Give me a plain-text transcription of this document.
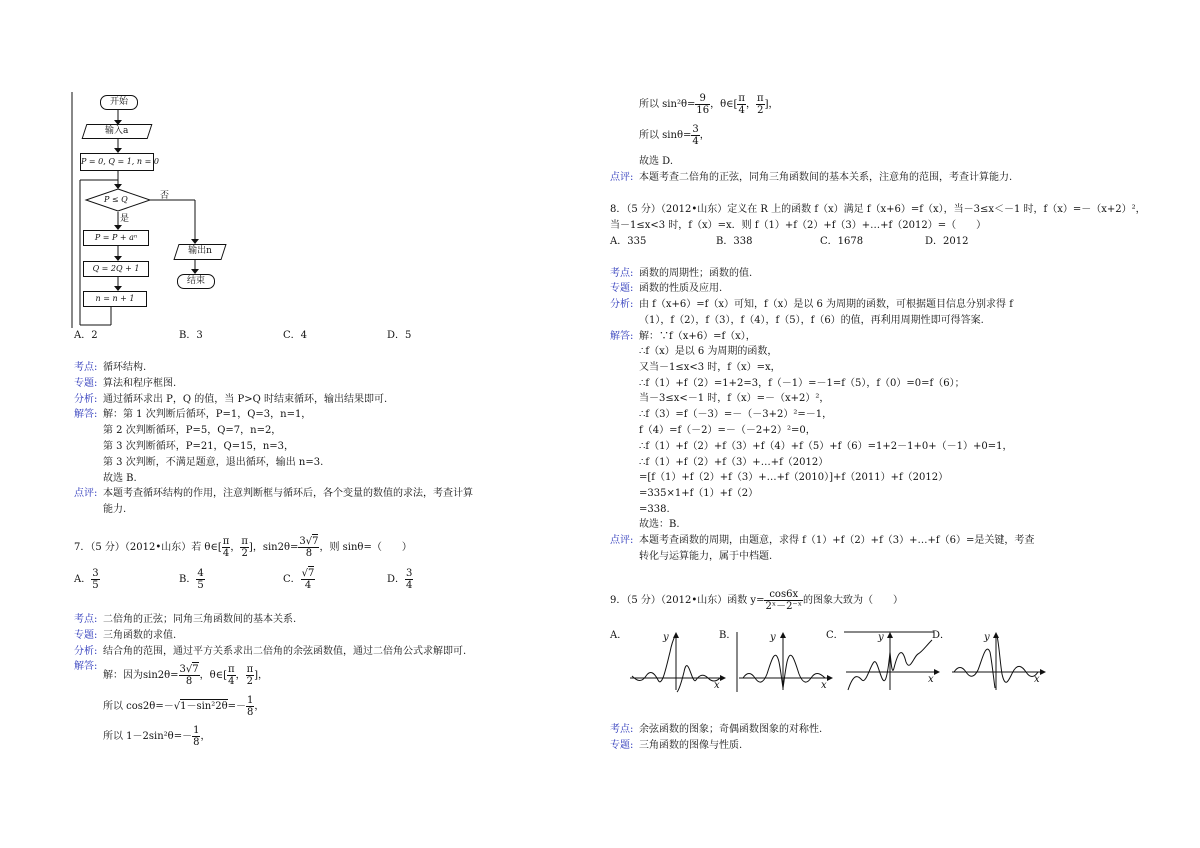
开始
输入a
P = 0, Q = 1, n = 0
P ≤ Q	否
是
P = P + aⁿ
Q = 2Q + 1
n = n + 1
输出n
结束
A．2	B．3	C．4	D．5
考点: 循环结构.
专题: 算法和程序框图.
分析: 通过循环求出 P，Q 的值，当 P>Q 时结束循环，输出结果即可.
解答: 解：第 1 次判断后循环，P=1，Q=3，n=1，
第 2 次判断循环，P=5，Q=7，n=2，
第 3 次判断循环，P=21，Q=15，n=3，
第 3 次判断，不满足题意，退出循环，输出 n=3.
故选 B.
点评: 本题考查循环结构的作用，注意判断框与循环后，各个变量的数值的求法，考查计算
能力.
7．（5 分）（2012•山东）若 θ∈[ $\frac{\pi}{4}$ ， $\frac{\pi}{2}$ ]，$\sin 2\theta= \frac{3√7}{8}$ ，则 sinθ=（　　）
A． $\frac{3}{5}$	B． $\frac{4}{5}$	C． $\frac{√7}{4}$	D． $\frac{3}{4}$
考点: 二倍角的正弦；同角三角函数间的基本关系.
专题: 三角函数的求值.
分析: 结合角的范围，通过平方关系求出二倍角的余弦函数值，通过二倍角公式求解即可.
解答:
解：因为$\sin 2\theta= \frac{3√7}{8}$ ，θ∈[ $\frac{\pi}{4}$ ， $\frac{\pi}{2}$ ]，
所以 $\cos 2\theta=-√1-\sin^22\theta=- \frac{1}{8}$ ，
所以 $1-2\sin^2\theta=- \frac{1}{8}$ ，
所以 $\sin^2\theta= \frac{9}{16}$ ，θ∈[ $\frac{\pi}{4}$ ， $\frac{\pi}{2}$ ]，
所以 $\sin\theta= \frac{3}{4}$ ，
故选 D.
点评: 本题考查二倍角的正弦，同角三角函数间的基本关系，注意角的范围，考查计算能力.
8．（5 分）（2012•山东）定义在 R 上的函数 f（x）满足 f（x+6）=f（x），当－3≤x＜－1 时，f（x）=－（x+2）²，
当－1≤x<3 时，f（x）=x．则 f（1）+f（2）+f（3）+…+f（2012）=（　　）
A．335	B．338	C．1678	D．2012
考点: 函数的周期性；函数的值.
专题: 函数的性质及应用.
分析: 由 f（x+6）=f（x）可知，f（x）是以 6 为周期的函数，可根据题目信息分别求得 f
（1），f（2），f（3），f（4），f（5），f（6）的值，再利用周期性即可得答案.
解答: 解：∵f（x+6）=f（x），
∴f（x）是以 6 为周期的函数，
又当－1≤x<3 时，f（x）=x，
∴f（1）+f（2）=1+2=3，f（－1）=－1=f（5），f（0）=0=f（6）；
当－3≤x<－1 时，f（x）=－（x+2）²，
∴f（3）=f（－3）=－（－3+2）²=－1，
f（4）=f（－2）=－（－2+2）²=0，
∴f（1）+f（2）+f（3）+f（4）+f（5）+f（6）=1+2－1+0+（－1）+0=1，
∴f（1）+f（2）+f（3）+…+f（2012）
=[f（1）+f（2）+f（3）+…+f（2010）]+f（2011）+f（2012）
=335×1+f（1）+f（2）
=338.
故选：B.
点评: 本题考查函数的周期，由题意，求得 f（1）+f（2）+f（3）+…+f（6）=是关键，考查
转化与运算能力，属于中档题.
9．（5 分）（2012•山东）函数 $y= \frac{\cos 6x}{\text{2ˣ－2⁻ˣ}}$ 的图象大致为（　　）
A．	B．	C．	D．
y
x
y
x
y
x
y
x
考点: 余弦函数的图象；奇偶函数图象的对称性.
专题: 三角函数的图像与性质.
